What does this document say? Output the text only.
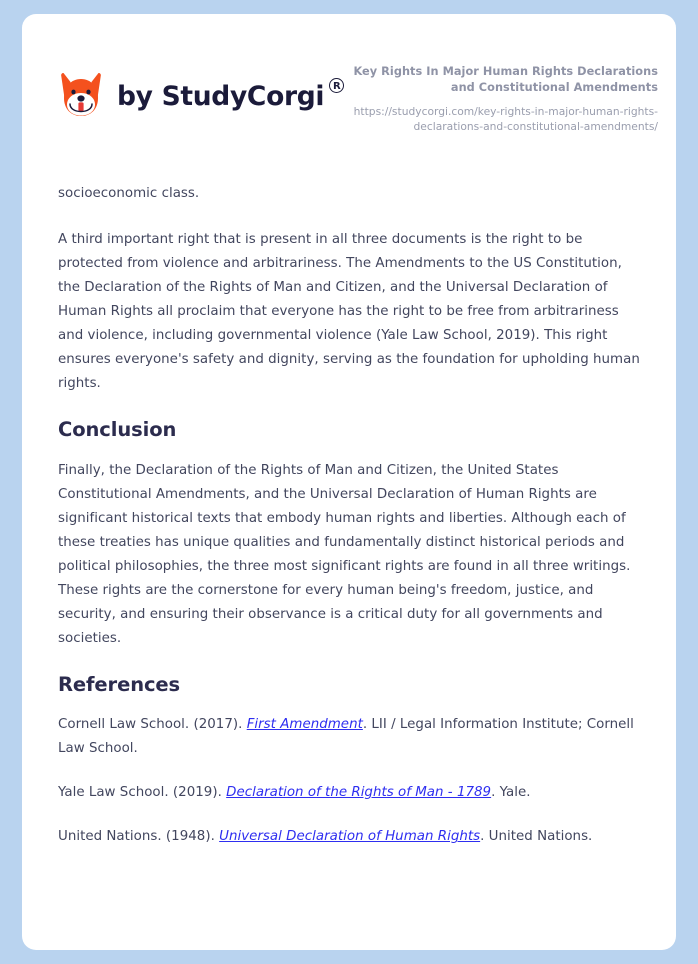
by StudyCorgi R
Key Rights In Major Human Rights Declarations and Constitutional Amendments
https://studycorgi.com/key-rights-in-major-human-rights-declarations-and-constitutional-amendments/

socioeconomic class.

A third important right that is present in all three documents is the right to be protected from violence and arbitrariness. The Amendments to the US Constitution, the Declaration of the Rights of Man and Citizen, and the Universal Declaration of Human Rights all proclaim that everyone has the right to be free from arbitrariness and violence, including governmental violence (Yale Law School, 2019). This right ensures everyone's safety and dignity, serving as the foundation for upholding human rights.

Conclusion

Finally, the Declaration of the Rights of Man and Citizen, the United States Constitutional Amendments, and the Universal Declaration of Human Rights are significant historical texts that embody human rights and liberties. Although each of these treaties has unique qualities and fundamentally distinct historical periods and political philosophies, the three most significant rights are found in all three writings. These rights are the cornerstone for every human being's freedom, justice, and security, and ensuring their observance is a critical duty for all governments and societies.

References

Cornell Law School. (2017). First Amendment. LII / Legal Information Institute; Cornell Law School.

Yale Law School. (2019). Declaration of the Rights of Man - 1789. Yale.

United Nations. (1948). Universal Declaration of Human Rights. United Nations.
